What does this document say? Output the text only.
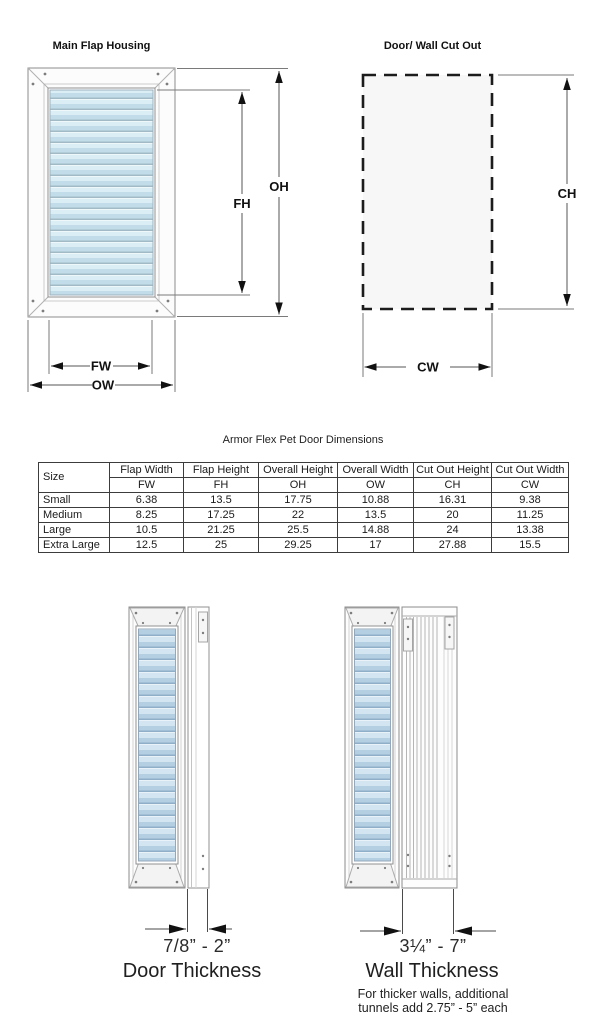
Main Flap Housing	Door/ Wall Cut Out
OH
FH
FW
OW
CH
CW
Armor Flex Pet Door Dimensions
Size	Flap Width	Flap Height	Overall Height	Overall Width	Cut Out Height	Cut Out Width
	FW	FH	OH	OW	CH	CW
Small	6.38	13.5	17.75	10.88	16.31	9.38
Medium	8.25	17.25	22	13.5	20	11.25
Large	10.5	21.25	25.5	14.88	24	13.38
Extra Large	12.5	25	29.25	17	27.88	15.5
7/8” - 2”
Door Thickness
3¼” - 7”
Wall Thickness
For thicker walls, additional
tunnels add 2.75” - 5” each
